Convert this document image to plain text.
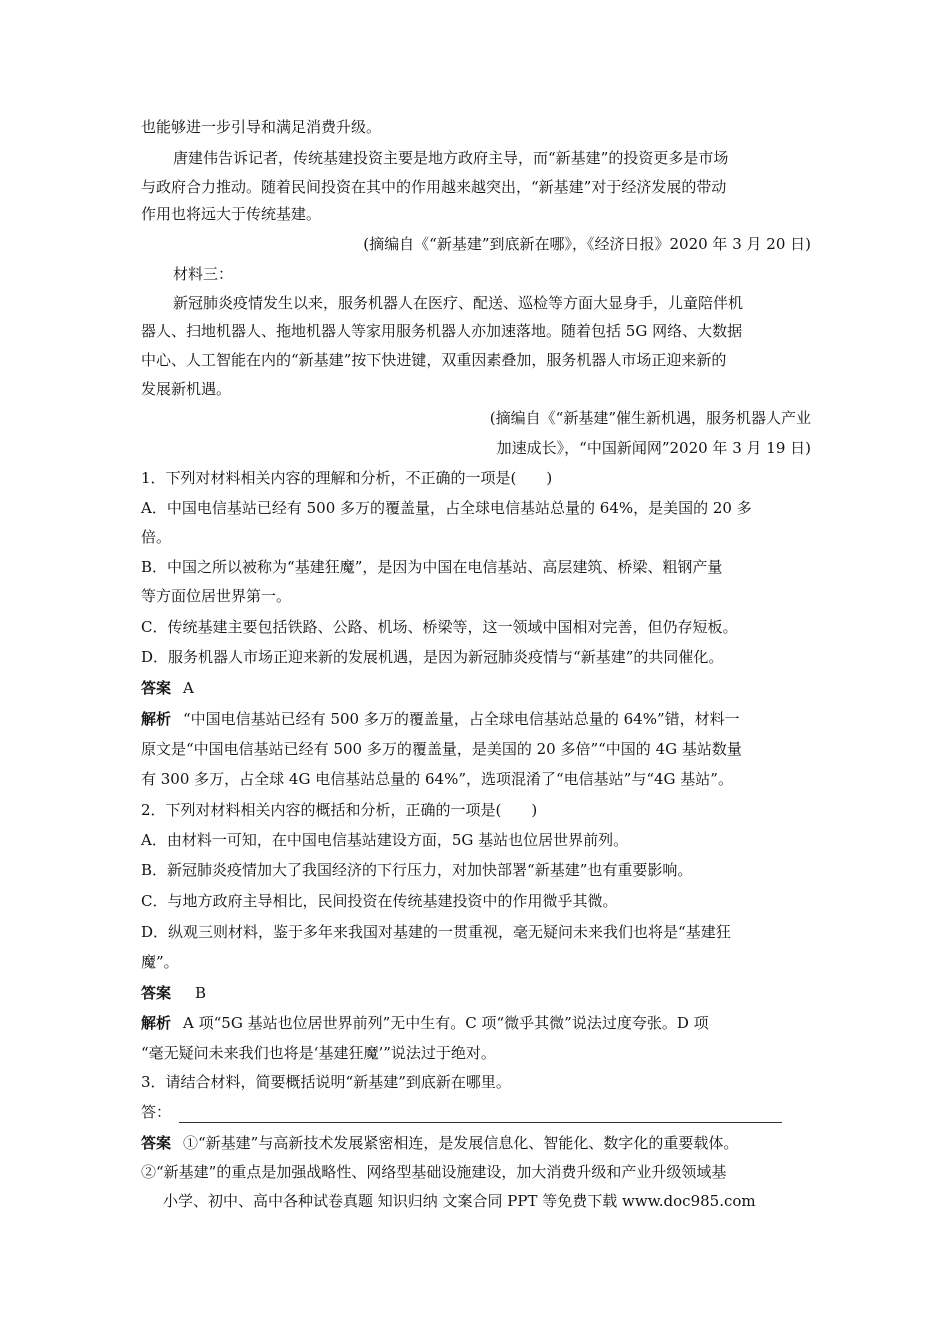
也能够进一步引导和满足消费升级。
唐建伟告诉记者，传统基建投资主要是地方政府主导，而“新基建”的投资更多是市场
与政府合力推动。随着民间投资在其中的作用越来越突出，“新基建”对于经济发展的带动
作用也将远大于传统基建。
(摘编自《“新基建”到底新在哪》，《经济日报》2020 年 3 月 20 日)
材料三：
新冠肺炎疫情发生以来，服务机器人在医疗、配送、巡检等方面大显身手，儿童陪伴机
器人、扫地机器人、拖地机器人等家用服务机器人亦加速落地。随着包括 5G 网络、大数据
中心、人工智能在内的“新基建”按下快进键，双重因素叠加，服务机器人市场正迎来新的
发展新机遇。
(摘编自《“新基建”催生新机遇，服务机器人产业
加速成长》，“中国新闻网”2020 年 3 月 19 日)
1．下列对材料相关内容的理解和分析，不正确的一项是(　　)
A．中国电信基站已经有 500 多万的覆盖量，占全球电信基站总量的 64%，是美国的 20 多
倍。
B．中国之所以被称为“基建狂魔”，是因为中国在电信基站、高层建筑、桥梁、粗钢产量
等方面位居世界第一。
C．传统基建主要包括铁路、公路、机场、桥梁等，这一领域中国相对完善，但仍存短板。
D．服务机器人市场正迎来新的发展机遇，是因为新冠肺炎疫情与“新基建”的共同催化。
答案 A
解析 “中国电信基站已经有 500 多万的覆盖量，占全球电信基站总量的 64%”错，材料一
原文是“中国电信基站已经有 500 多万的覆盖量，是美国的 20 多倍”“中国的 4G 基站数量
有 300 多万，占全球 4G 电信基站总量的 64%”，选项混淆了“电信基站”与“4G 基站”。
2．下列对材料相关内容的概括和分析，正确的一项是(　　)
A．由材料一可知，在中国电信基站建设方面，5G 基站也位居世界前列。
B．新冠肺炎疫情加大了我国经济的下行压力，对加快部署“新基建”也有重要影响。
C．与地方政府主导相比，民间投资在传统基建投资中的作用微乎其微。
D．纵观三则材料，鉴于多年来我国对基建的一贯重视，毫无疑问未来我们也将是“基建狂
魔”。
答案 B
解析 A 项“5G 基站也位居世界前列”无中生有。C 项“微乎其微”说法过度夸张。D 项
“毫无疑问未来我们也将是‘基建狂魔’”说法过于绝对。
3．请结合材料，简要概括说明“新基建”到底新在哪里。
答：
答案 ①“新基建”与高新技术发展紧密相连，是发展信息化、智能化、数字化的重要载体。
②“新基建”的重点是加强战略性、网络型基础设施建设，加大消费升级和产业升级领域基
小学、初中、高中各种试卷真题 知识归纳 文案合同 PPT 等免费下载 www.doc985.com
